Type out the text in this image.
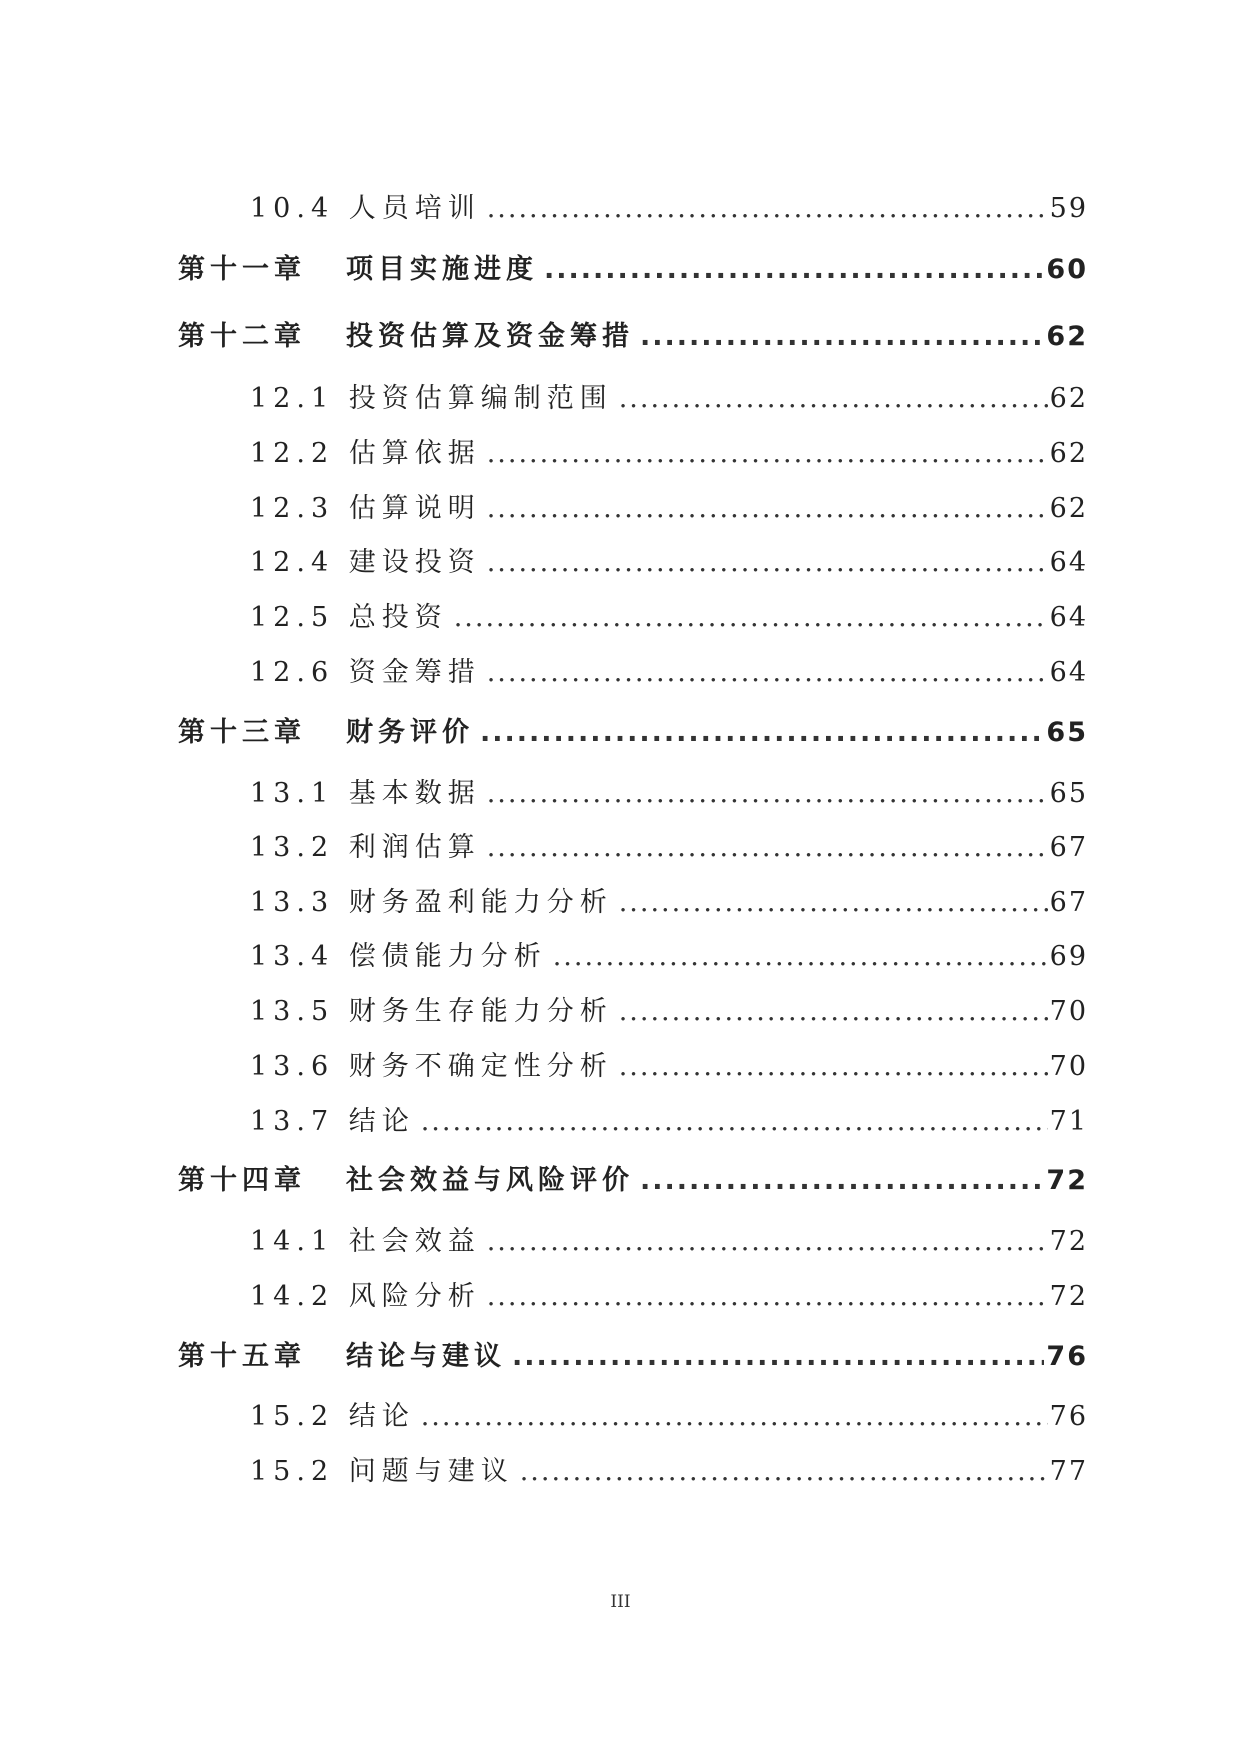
10.4 人员培训 .....	59
第十一章 项目实施进度 .....	60
第十二章 投资估算及资金筹措 .....	62
12.1 投资估算编制范围 .....	62
12.2 估算依据 .....	62
12.3 估算说明 .....	62
12.4 建设投资 .....	64
12.5 总投资 .....	64
12.6 资金筹措 .....	64
第十三章 财务评价 .....	65
13.1 基本数据 .....	65
13.2 利润估算 .....	67
13.3 财务盈利能力分析 .....	67
13.4 偿债能力分析 .....	69
13.5 财务生存能力分析 .....	70
13.6 财务不确定性分析 .....	70
13.7 结论 .....	71
第十四章 社会效益与风险评价 .....	72
14.1 社会效益 .....	72
14.2 风险分析 .....	72
第十五章 结论与建议 .....	76
15.2 结论 .....	76
15.2 问题与建议 .....	77
III
